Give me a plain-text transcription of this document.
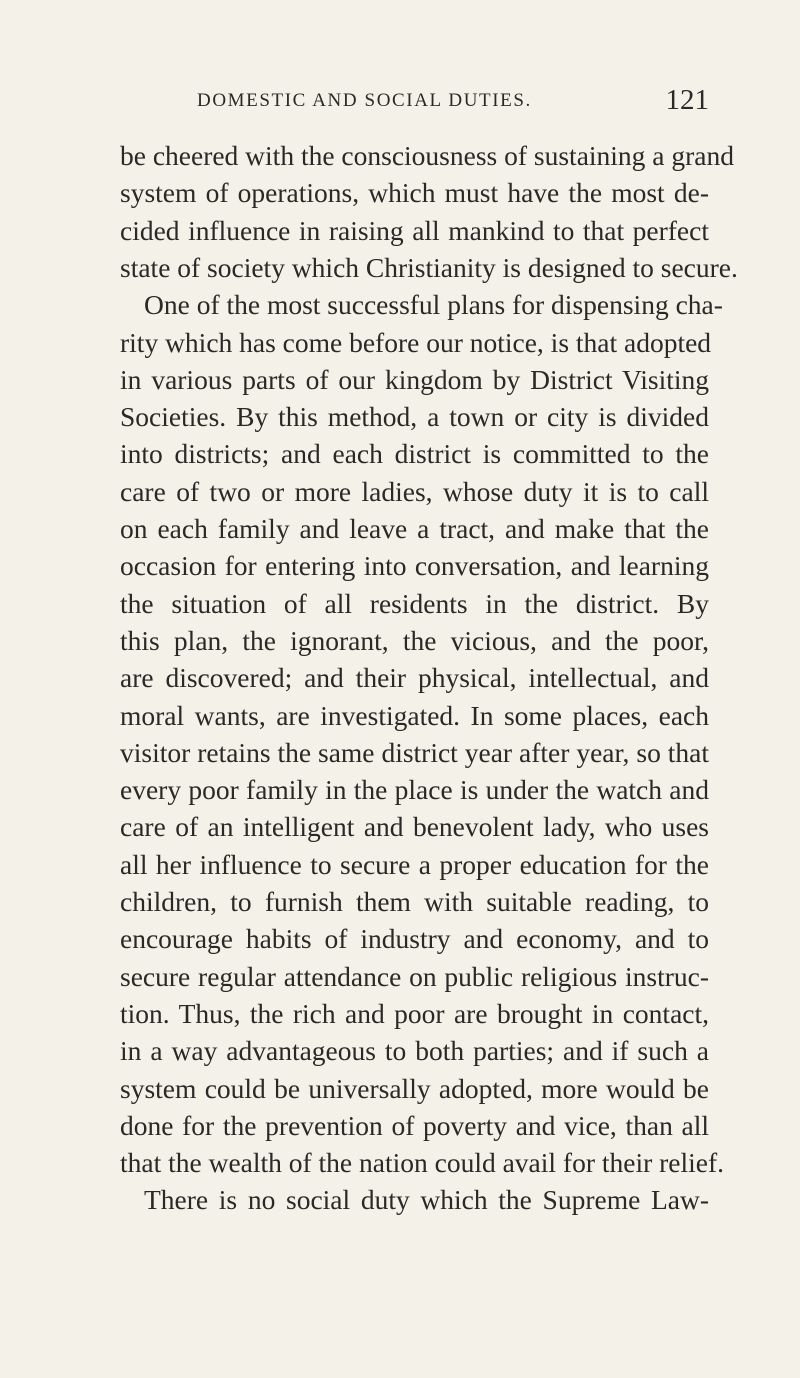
DOMESTIC AND SOCIAL DUTIES.	121
be cheered with the consciousness of sustaining a grand
system of operations, which must have the most de-
cided influence in raising all mankind to that perfect
state of society which Christianity is designed to secure.
One of the most successful plans for dispensing cha-
rity which has come before our notice, is that adopted
in various parts of our kingdom by District Visiting
Societies. By this method, a town or city is divided
into districts; and each district is committed to the
care of two or more ladies, whose duty it is to call
on each family and leave a tract, and make that the
occasion for entering into conversation, and learning
the situation of all residents in the district. By
this plan, the ignorant, the vicious, and the poor,
are discovered; and their physical, intellectual, and
moral wants, are investigated. In some places, each
visitor retains the same district year after year, so that
every poor family in the place is under the watch and
care of an intelligent and benevolent lady, who uses
all her influence to secure a proper education for the
children, to furnish them with suitable reading, to
encourage habits of industry and economy, and to
secure regular attendance on public religious instruc-
tion. Thus, the rich and poor are brought in contact,
in a way advantageous to both parties; and if such a
system could be universally adopted, more would be
done for the prevention of poverty and vice, than all
that the wealth of the nation could avail for their relief.
There is no social duty which the Supreme Law-
